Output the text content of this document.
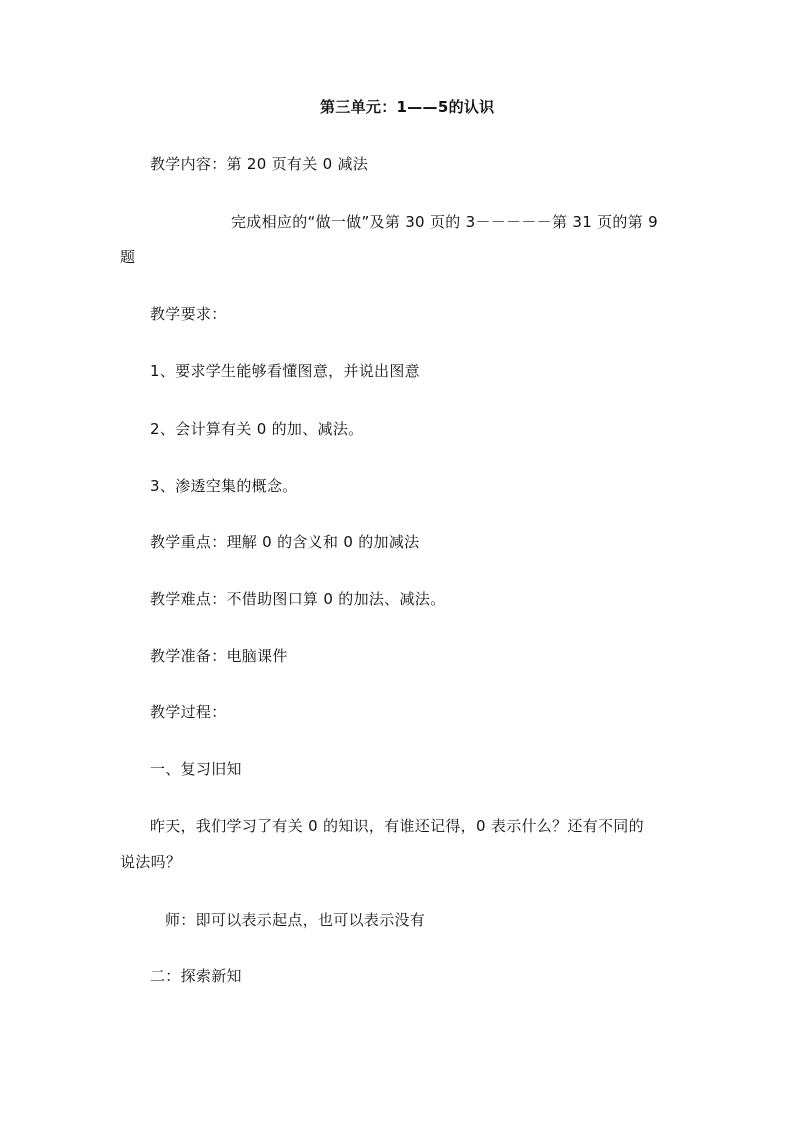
第三单元：1——5的认识
教学内容：第 20 页有关 0 减法
完成相应的“做一做”及第 30 页的 3－－－－－第 31 页的第 9
题
教学要求：
1、要求学生能够看懂图意，并说出图意
2、会计算有关 0 的加、减法。
3、渗透空集的概念。
教学重点：理解 0 的含义和 0 的加减法
教学难点：不借助图口算 0 的加法、减法。
教学准备：电脑课件
教学过程：
一、复习旧知
昨天，我们学习了有关 0 的知识，有谁还记得，0 表示什么？还有不同的
说法吗？
师：即可以表示起点，也可以表示没有
二：探索新知
